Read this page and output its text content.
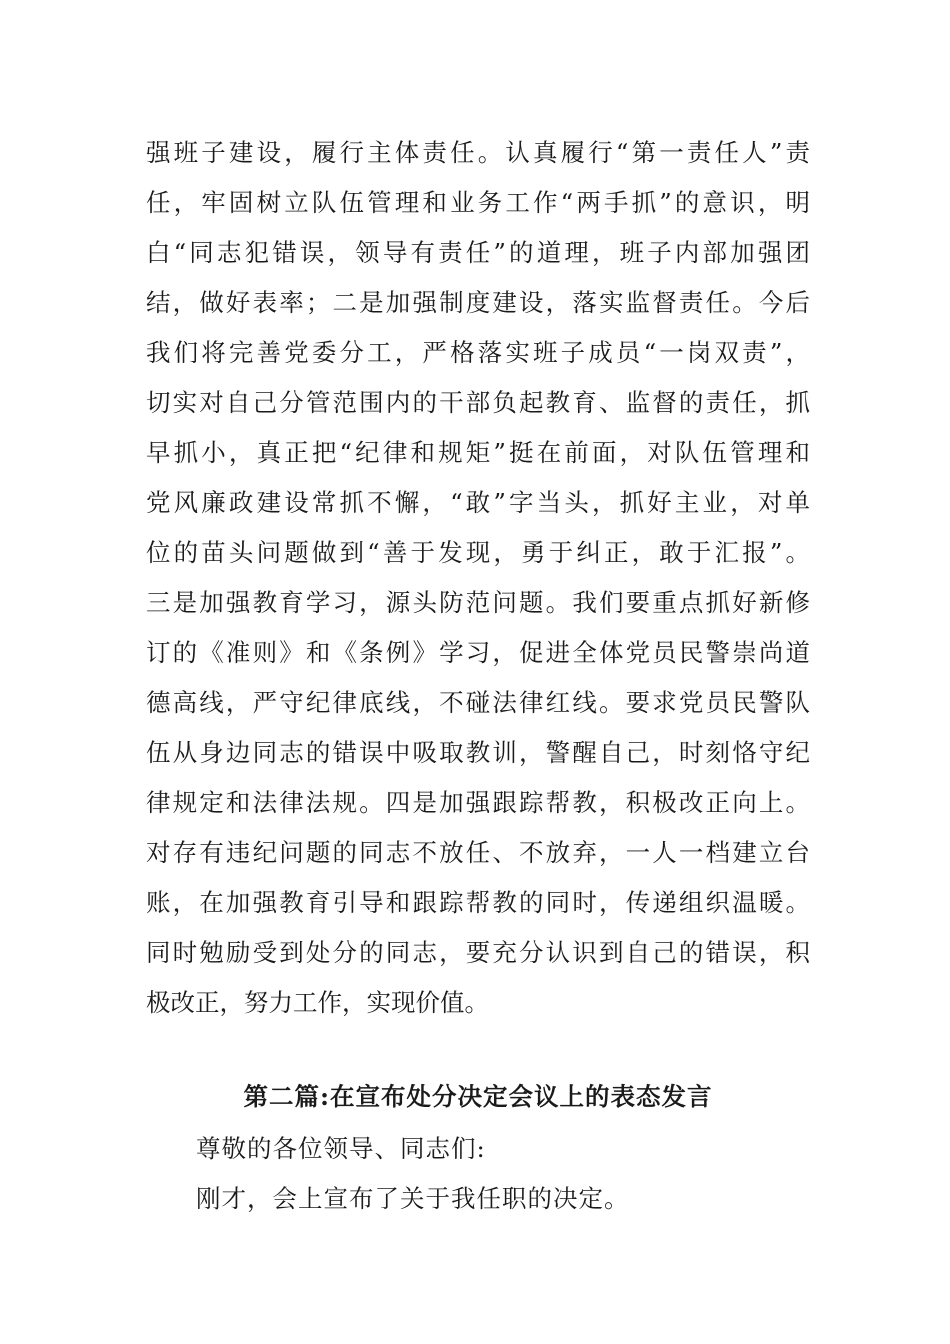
强班子建设，履行主体责任。认真履行“第一责任人”责
任，牢固树立队伍管理和业务工作“两手抓”的意识，明
白“同志犯错误，领导有责任”的道理，班子内部加强团
结，做好表率；二是加强制度建设，落实监督责任。今后
我们将完善党委分工，严格落实班子成员“一岗双责”，
切实对自己分管范围内的干部负起教育、监督的责任，抓
早抓小，真正把“纪律和规矩”挺在前面，对队伍管理和
党风廉政建设常抓不懈，“敢”字当头，抓好主业，对单
位的苗头问题做到“善于发现，勇于纠正，敢于汇报”。
三是加强教育学习，源头防范问题。我们要重点抓好新修
订的《准则》和《条例》学习，促进全体党员民警崇尚道
德高线，严守纪律底线，不碰法律红线。要求党员民警队
伍从身边同志的错误中吸取教训，警醒自己，时刻恪守纪
律规定和法律法规。四是加强跟踪帮教，积极改正向上。
对存有违纪问题的同志不放任、不放弃，一人一档建立台
账，在加强教育引导和跟踪帮教的同时，传递组织温暖。
同时勉励受到处分的同志，要充分认识到自己的错误，积
极改正，努力工作，实现价值。
第二篇:在宣布处分决定会议上的表态发言
尊敬的各位领导、同志们:
刚才，会上宣布了关于我任职的决定。
